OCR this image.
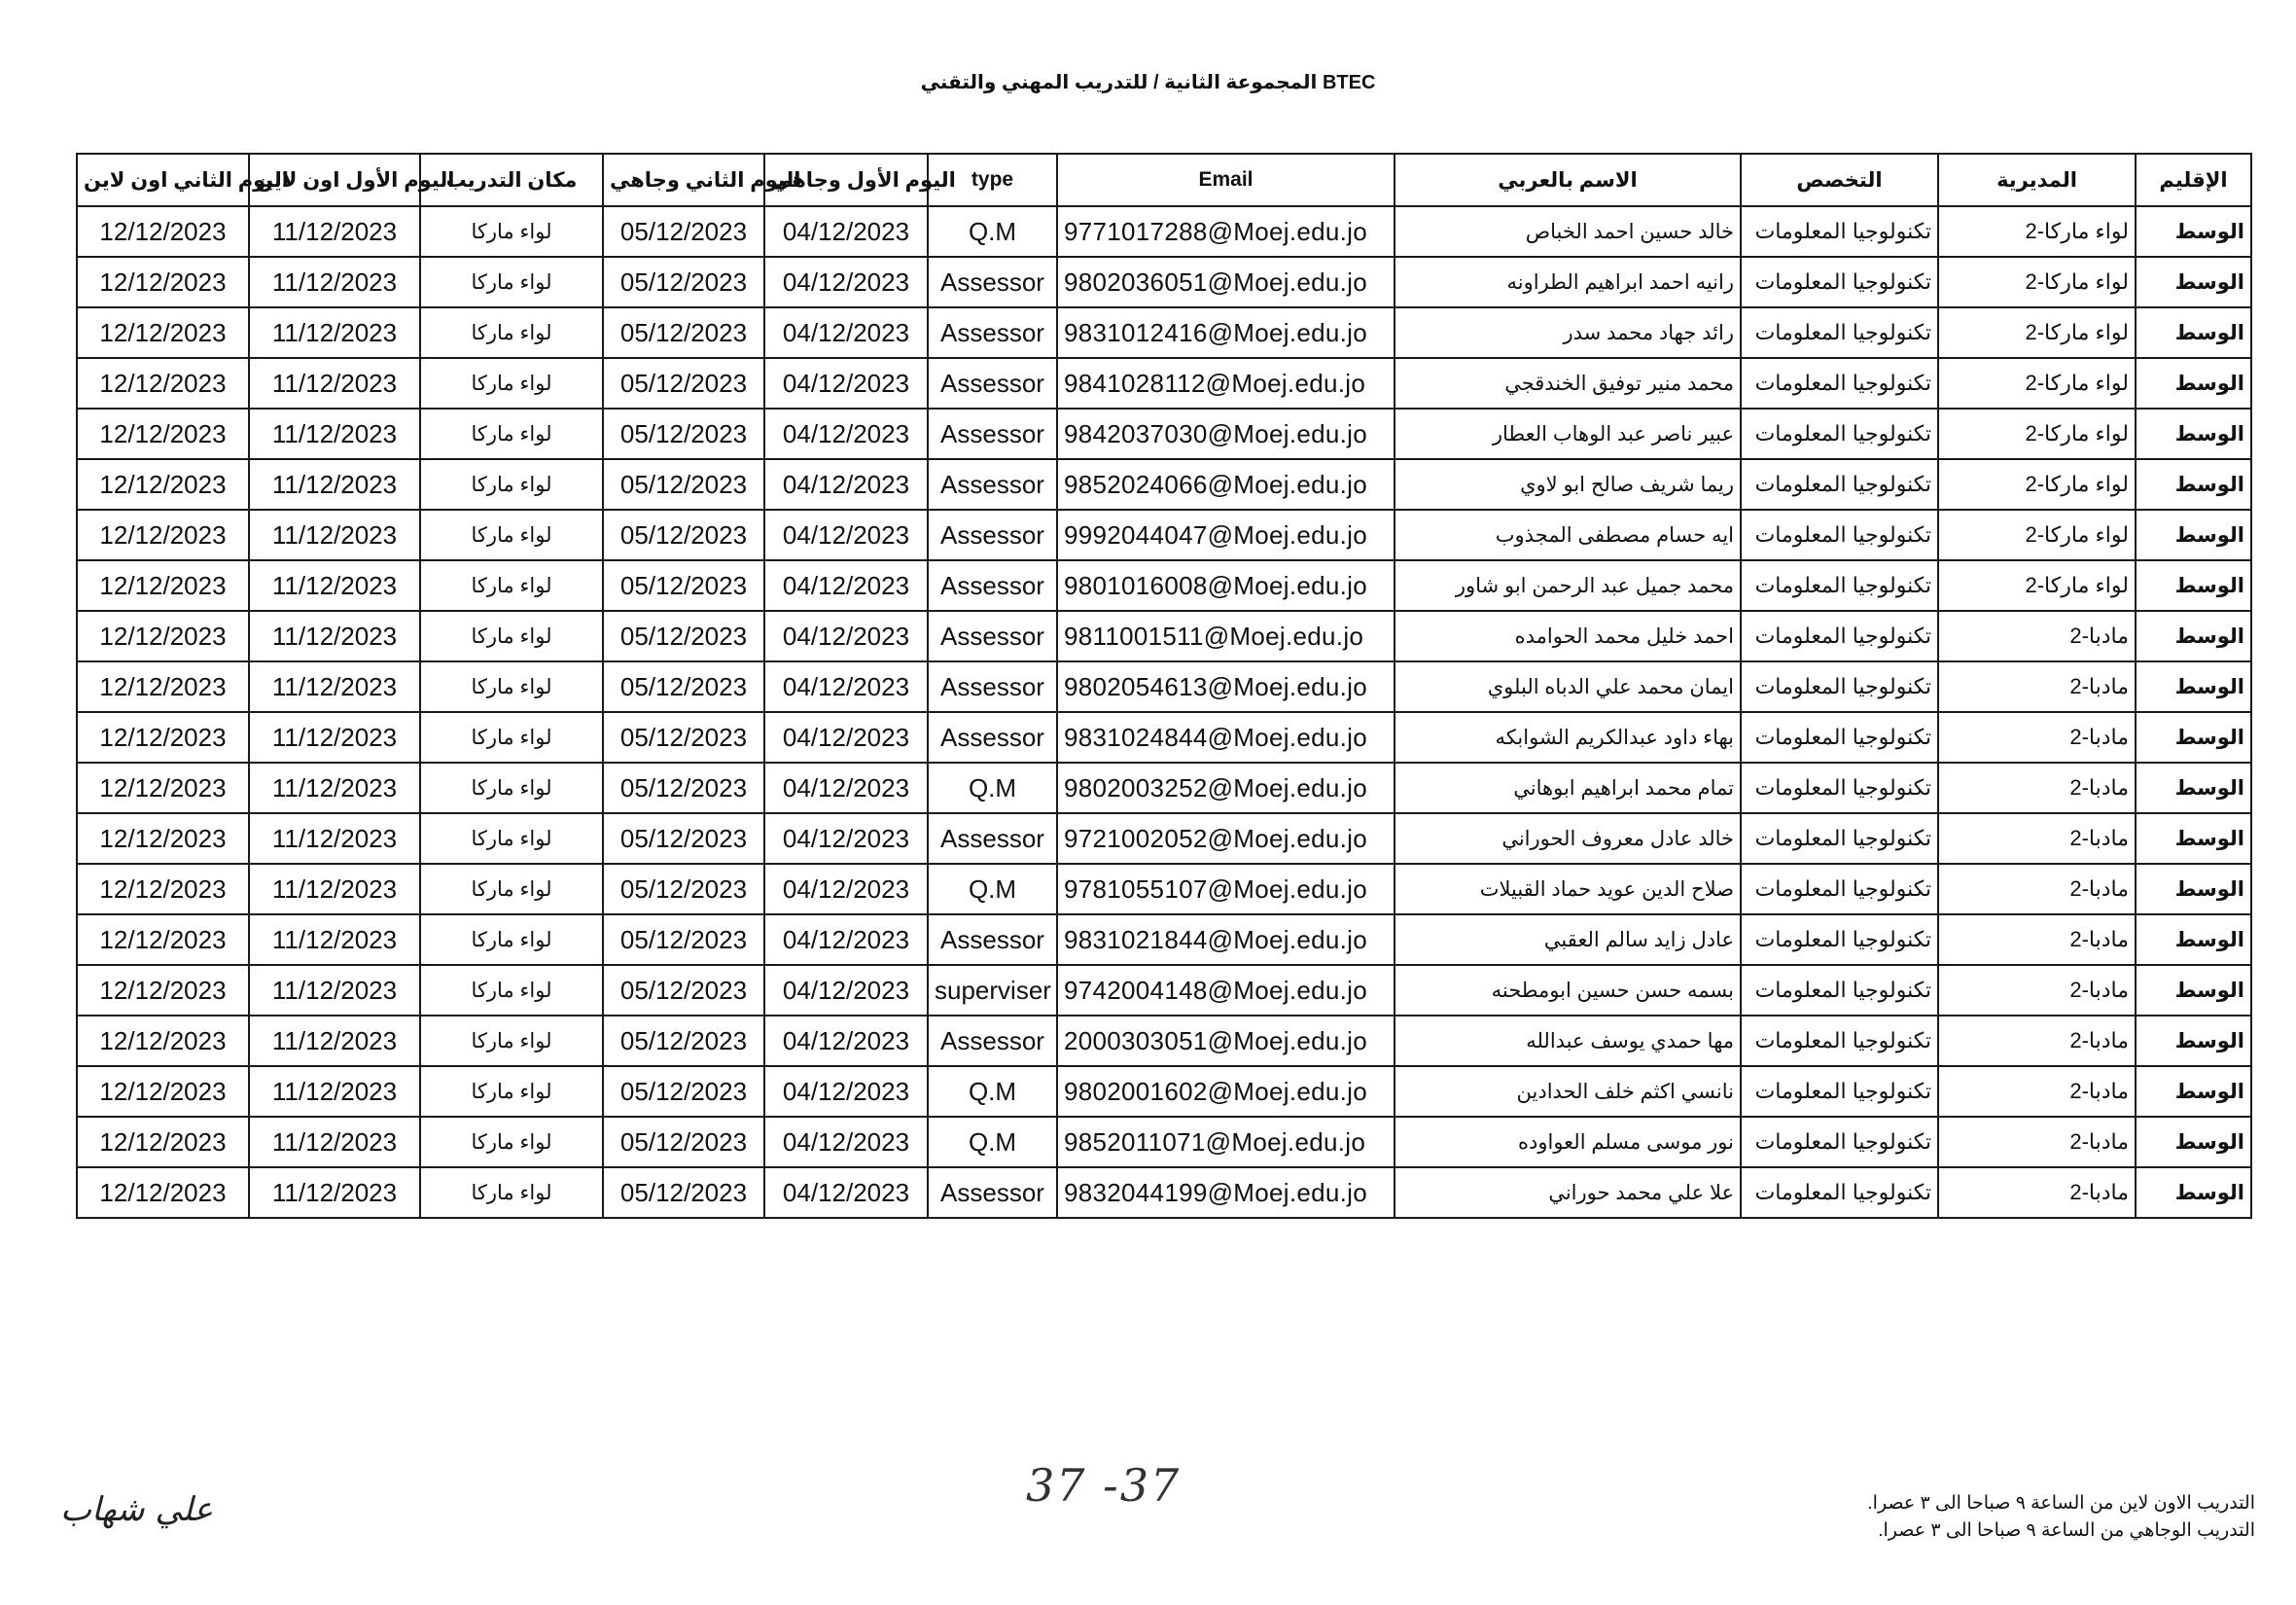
المجموعة الثانية / للتدريب المهني والتقني BTEC
اليوم الثاني اون لاين	اليوم الأول اون لاين	مكان التدريب	اليوم الثاني وجاهي	اليوم الأول وجاهي	type	Email	الاسم بالعربي	التخصص	المديرية	الإقليم
12/12/2023	11/12/2023	لواء ماركا	05/12/2023	04/12/2023	Q.M	9771017288@Moej.edu.jo	خالد حسين احمد الخباص	تكنولوجيا المعلومات	لواء ماركا-2	الوسط
12/12/2023	11/12/2023	لواء ماركا	05/12/2023	04/12/2023	Assessor	9802036051@Moej.edu.jo	رانيه احمد ابراهيم الطراونه	تكنولوجيا المعلومات	لواء ماركا-2	الوسط
12/12/2023	11/12/2023	لواء ماركا	05/12/2023	04/12/2023	Assessor	9831012416@Moej.edu.jo	رائد جهاد محمد سدر	تكنولوجيا المعلومات	لواء ماركا-2	الوسط
12/12/2023	11/12/2023	لواء ماركا	05/12/2023	04/12/2023	Assessor	9841028112@Moej.edu.jo	محمد منير توفيق الخندقجي	تكنولوجيا المعلومات	لواء ماركا-2	الوسط
12/12/2023	11/12/2023	لواء ماركا	05/12/2023	04/12/2023	Assessor	9842037030@Moej.edu.jo	عبير ناصر عبد الوهاب العطار	تكنولوجيا المعلومات	لواء ماركا-2	الوسط
12/12/2023	11/12/2023	لواء ماركا	05/12/2023	04/12/2023	Assessor	9852024066@Moej.edu.jo	ريما شريف صالح ابو لاوي	تكنولوجيا المعلومات	لواء ماركا-2	الوسط
12/12/2023	11/12/2023	لواء ماركا	05/12/2023	04/12/2023	Assessor	9992044047@Moej.edu.jo	ايه حسام مصطفى المجذوب	تكنولوجيا المعلومات	لواء ماركا-2	الوسط
12/12/2023	11/12/2023	لواء ماركا	05/12/2023	04/12/2023	Assessor	9801016008@Moej.edu.jo	محمد جميل عبد الرحمن ابو شاور	تكنولوجيا المعلومات	لواء ماركا-2	الوسط
12/12/2023	11/12/2023	لواء ماركا	05/12/2023	04/12/2023	Assessor	9811001511@Moej.edu.jo	احمد خليل محمد الحوامده	تكنولوجيا المعلومات	مادبا-2	الوسط
12/12/2023	11/12/2023	لواء ماركا	05/12/2023	04/12/2023	Assessor	9802054613@Moej.edu.jo	ايمان محمد علي الدباه البلوي	تكنولوجيا المعلومات	مادبا-2	الوسط
12/12/2023	11/12/2023	لواء ماركا	05/12/2023	04/12/2023	Assessor	9831024844@Moej.edu.jo	بهاء داود عبدالكريم الشوابكه	تكنولوجيا المعلومات	مادبا-2	الوسط
12/12/2023	11/12/2023	لواء ماركا	05/12/2023	04/12/2023	Q.M	9802003252@Moej.edu.jo	تمام محمد ابراهيم ابوهاني	تكنولوجيا المعلومات	مادبا-2	الوسط
12/12/2023	11/12/2023	لواء ماركا	05/12/2023	04/12/2023	Assessor	9721002052@Moej.edu.jo	خالد عادل معروف الحوراني	تكنولوجيا المعلومات	مادبا-2	الوسط
12/12/2023	11/12/2023	لواء ماركا	05/12/2023	04/12/2023	Q.M	9781055107@Moej.edu.jo	صلاح الدين عويد حماد القبيلات	تكنولوجيا المعلومات	مادبا-2	الوسط
12/12/2023	11/12/2023	لواء ماركا	05/12/2023	04/12/2023	Assessor	9831021844@Moej.edu.jo	عادل زايد سالم العقبي	تكنولوجيا المعلومات	مادبا-2	الوسط
12/12/2023	11/12/2023	لواء ماركا	05/12/2023	04/12/2023	superviser	9742004148@Moej.edu.jo	بسمه حسن حسين ابومطحنه	تكنولوجيا المعلومات	مادبا-2	الوسط
12/12/2023	11/12/2023	لواء ماركا	05/12/2023	04/12/2023	Assessor	2000303051@Moej.edu.jo	مها حمدي يوسف عبدالله	تكنولوجيا المعلومات	مادبا-2	الوسط
12/12/2023	11/12/2023	لواء ماركا	05/12/2023	04/12/2023	Q.M	9802001602@Moej.edu.jo	نانسي اكثم خلف الحدادين	تكنولوجيا المعلومات	مادبا-2	الوسط
12/12/2023	11/12/2023	لواء ماركا	05/12/2023	04/12/2023	Q.M	9852011071@Moej.edu.jo	نور موسى مسلم العواوده	تكنولوجيا المعلومات	مادبا-2	الوسط
12/12/2023	11/12/2023	لواء ماركا	05/12/2023	04/12/2023	Assessor	9832044199@Moej.edu.jo	علا علي محمد حوراني	تكنولوجيا المعلومات	مادبا-2	الوسط
التدريب الاون لاين من الساعة ٩ صباحا الى ٣ عصرا.
التدريب الوجاهي من الساعة ٩ صباحا الى ٣ عصرا.
37 -37
علي شهاب
